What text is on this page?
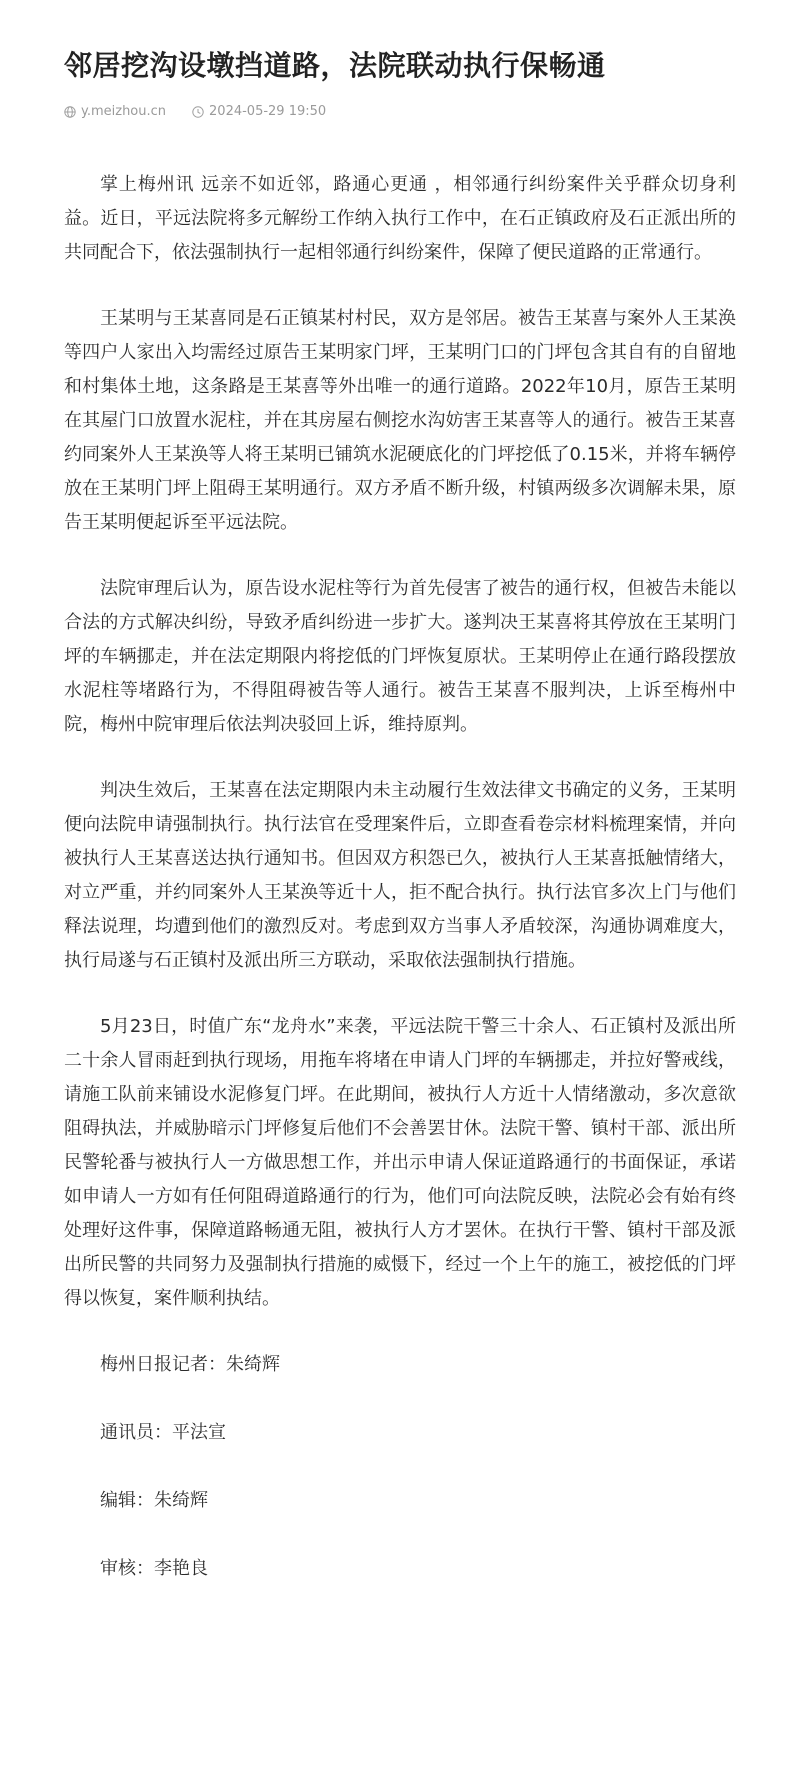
邻居挖沟设墩挡道路，法院联动执行保畅通
y.meizhou.cn	2024-05-29 19:50

掌上梅州讯 远亲不如近邻，路通心更通 ，相邻通行纠纷案件关乎群众切身利益。近日，平远法院将多元解纷工作纳入执行工作中，在石正镇政府及石正派出所的共同配合下，依法强制执行一起相邻通行纠纷案件，保障了便民道路的正常通行。

王某明与王某喜同是石正镇某村村民，双方是邻居。被告王某喜与案外人王某涣等四户人家出入均需经过原告王某明家门坪，王某明门口的门坪包含其自有的自留地和村集体土地，这条路是王某喜等外出唯一的通行道路。2022年10月，原告王某明在其屋门口放置水泥柱，并在其房屋右侧挖水沟妨害王某喜等人的通行。被告王某喜约同案外人王某涣等人将王某明已铺筑水泥硬底化的门坪挖低了0.15米，并将车辆停放在王某明门坪上阻碍王某明通行。双方矛盾不断升级，村镇两级多次调解未果，原告王某明便起诉至平远法院。

法院审理后认为，原告设水泥柱等行为首先侵害了被告的通行权，但被告未能以合法的方式解决纠纷，导致矛盾纠纷进一步扩大。遂判决王某喜将其停放在王某明门坪的车辆挪走，并在法定期限内将挖低的门坪恢复原状。王某明停止在通行路段摆放水泥柱等堵路行为，不得阻碍被告等人通行。被告王某喜不服判决，上诉至梅州中院，梅州中院审理后依法判决驳回上诉，维持原判。

判决生效后，王某喜在法定期限内未主动履行生效法律文书确定的义务，王某明便向法院申请强制执行。执行法官在受理案件后，立即查看卷宗材料梳理案情，并向被执行人王某喜送达执行通知书。但因双方积怨已久，被执行人王某喜抵触情绪大，对立严重，并约同案外人王某涣等近十人，拒不配合执行。执行法官多次上门与他们释法说理，均遭到他们的激烈反对。考虑到双方当事人矛盾较深，沟通协调难度大，执行局遂与石正镇村及派出所三方联动，采取依法强制执行措施。

5月23日，时值广东“龙舟水”来袭，平远法院干警三十余人、石正镇村及派出所二十余人冒雨赶到执行现场，用拖车将堵在申请人门坪的车辆挪走，并拉好警戒线，请施工队前来铺设水泥修复门坪。在此期间，被执行人方近十人情绪激动，多次意欲阻碍执法，并威胁暗示门坪修复后他们不会善罢甘休。法院干警、镇村干部、派出所民警轮番与被执行人一方做思想工作，并出示申请人保证道路通行的书面保证，承诺如申请人一方如有任何阻碍道路通行的行为，他们可向法院反映，法院必会有始有终处理好这件事，保障道路畅通无阻，被执行人方才罢休。在执行干警、镇村干部及派出所民警的共同努力及强制执行措施的威慑下，经过一个上午的施工，被挖低的门坪得以恢复，案件顺利执结。

梅州日报记者：朱绮辉

通讯员：平法宣

编辑：朱绮辉

审核：李艳良
